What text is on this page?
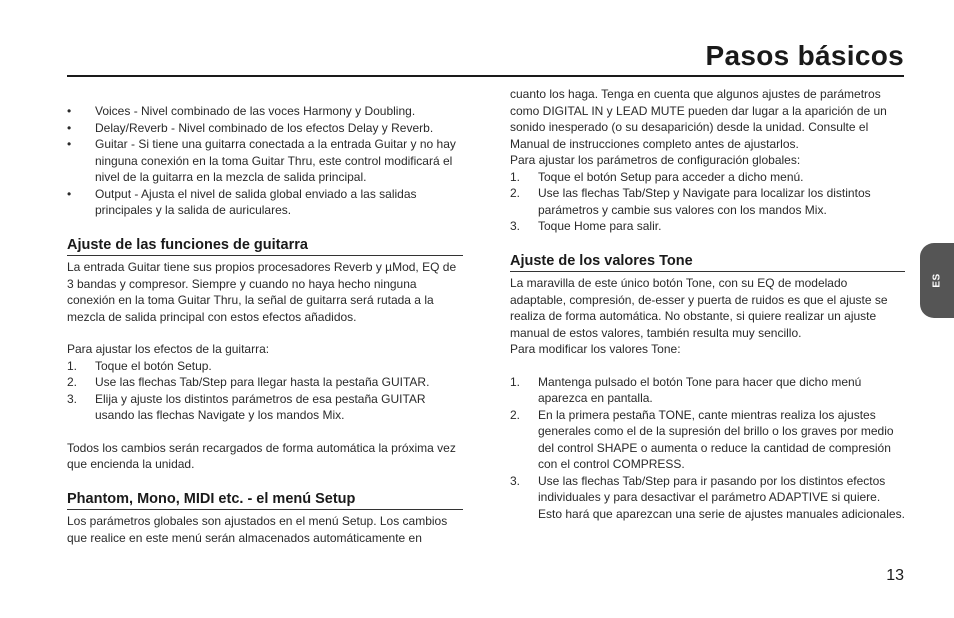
Pasos básicos
• Voices - Nivel combinado de las voces Harmony y Doubling.
• Delay/Reverb - Nivel combinado de los efectos Delay y Reverb.
• Guitar - Si tiene una guitarra conectada a la entrada Guitar y no hay ninguna conexión en la toma Guitar Thru, este control modificará el nivel de la guitarra en la mezcla de salida principal.
• Output - Ajusta el nivel de salida global enviado a las salidas principales y la salida de auriculares.
Ajuste de las funciones de guitarra

La entrada Guitar tiene sus propios procesadores Reverb y µMod, EQ de 3 bandas y compresor. Siempre y cuando no haya hecho ninguna conexión en la toma Guitar Thru, la señal de guitarra será rutada a la mezcla de salida principal con estos efectos añadidos.

Para ajustar los efectos de la guitarra:

1. Toque el botón Setup.
2. Use las flechas Tab/Step para llegar hasta la pestaña GUITAR.
3. Elija y ajuste los distintos parámetros de esa pestaña GUITAR usando las flechas Navigate y los mandos Mix.

Todos los cambios serán recargados de forma automática la próxima vez que encienda la unidad.

Phantom, Mono, MIDI etc. - el menú Setup

Los parámetros globales son ajustados en el menú Setup. Los cambios que realice en este menú serán almacenados automáticamente en

cuanto los haga. Tenga en cuenta que algunos ajustes de parámetros como DIGITAL IN y LEAD MUTE pueden dar lugar a la aparición de un sonido inesperado (o su desaparición) desde la unidad. Consulte el Manual de instrucciones completo antes de ajustarlos.

Para ajustar los parámetros de configuración globales:

1. Toque el botón Setup para acceder a dicho menú.
2. Use las flechas Tab/Step y Navigate para localizar los distintos parámetros y cambie sus valores con los mandos Mix.
3. Toque Home para salir.
Ajuste de los valores Tone

La maravilla de este único botón Tone, con su EQ de modelado adaptable, compresión, de-esser y puerta de ruidos es que el ajuste se realiza de forma automática. No obstante, si quiere realizar un ajuste manual de estos valores, también resulta muy sencillo.

Para modificar los valores Tone:

1. Mantenga pulsado el botón Tone para hacer que dicho menú aparezca en pantalla.
2. En la primera pestaña TONE, cante mientras realiza los ajustes generales como el de la supresión del brillo o los graves por medio del control SHAPE o aumenta o reduce la cantidad de compresión con el control COMPRESS.
3. Use las flechas Tab/Step para ir pasando por los distintos efectos individuales y para desactivar el parámetro ADAPTIVE si quiere. Esto hará que aparezcan una serie de ajustes manuales adicionales.
ES
13
